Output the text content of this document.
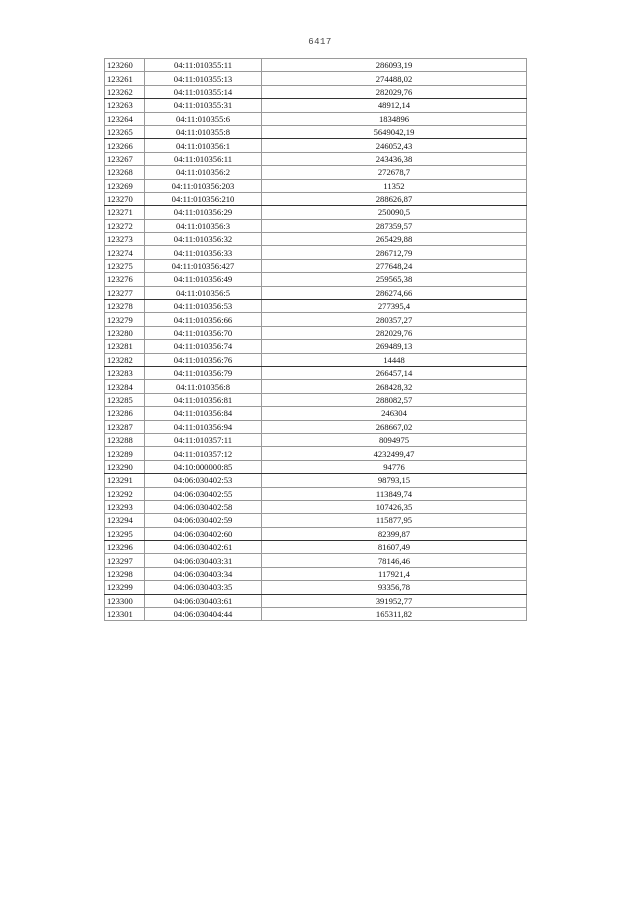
6417
123260	04:11:010355:11	286093,19
123261	04:11:010355:13	274488,02
123262	04:11:010355:14	282029,76
123263	04:11:010355:31	48912,14
123264	04:11:010355:6	1834896
123265	04:11:010355:8	5649042,19
123266	04:11:010356:1	246052,43
123267	04:11:010356:11	243436,38
123268	04:11:010356:2	272678,7
123269	04:11:010356:203	11352
123270	04:11:010356:210	288626,87
123271	04:11:010356:29	250090,5
123272	04:11:010356:3	287359,57
123273	04:11:010356:32	265429,88
123274	04:11:010356:33	286712,79
123275	04:11:010356:427	277648,24
123276	04:11:010356:49	259565,38
123277	04:11:010356:5	286274,66
123278	04:11:010356:53	277395,4
123279	04:11:010356:66	280357,27
123280	04:11:010356:70	282029,76
123281	04:11:010356:74	269489,13
123282	04:11:010356:76	14448
123283	04:11:010356:79	266457,14
123284	04:11:010356:8	268428,32
123285	04:11:010356:81	288082,57
123286	04:11:010356:84	246304
123287	04:11:010356:94	268667,02
123288	04:11:010357:11	8094975
123289	04:11:010357:12	4232499,47
123290	04:10:000000:85	94776
123291	04:06:030402:53	98793,15
123292	04:06:030402:55	113849,74
123293	04:06:030402:58	107426,35
123294	04:06:030402:59	115877,95
123295	04:06:030402:60	82399,87
123296	04:06:030402:61	81607,49
123297	04:06:030403:31	78146,46
123298	04:06:030403:34	117921,4
123299	04:06:030403:35	93356,78
123300	04:06:030403:61	391952,77
123301	04:06:030404:44	165311,82
